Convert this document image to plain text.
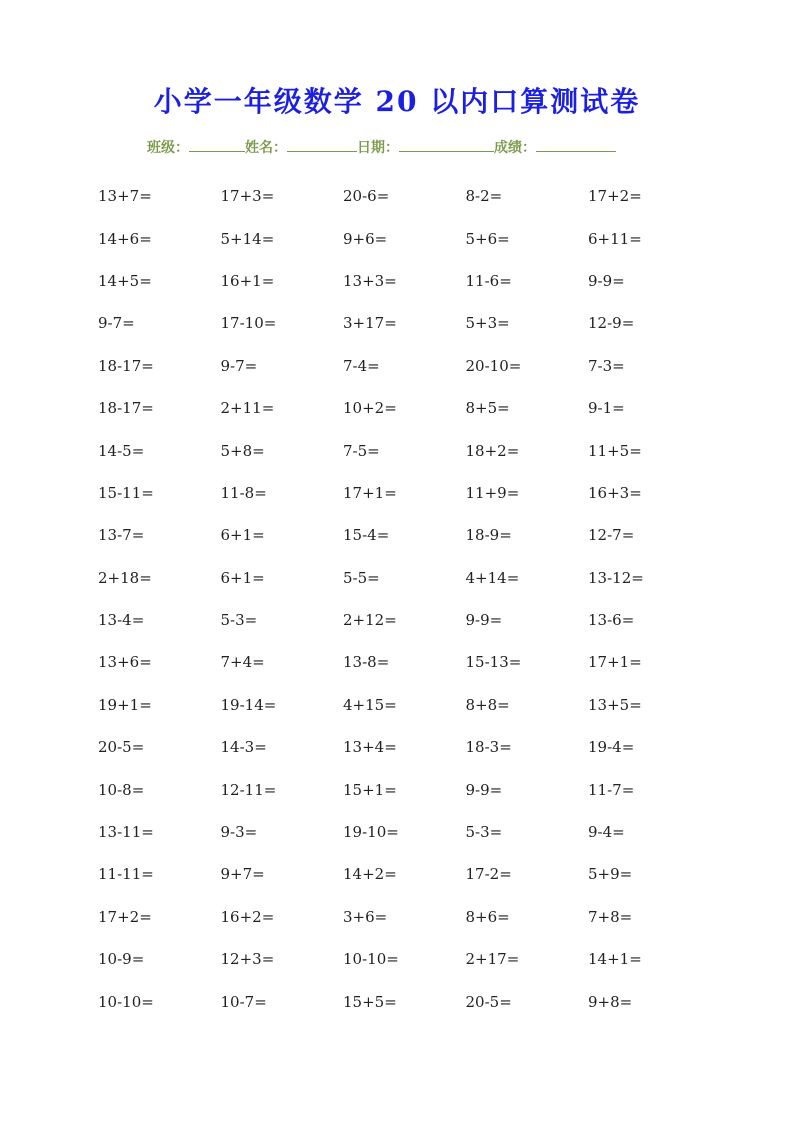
小学一年级数学 20 以内口算测试卷
班级：	姓名：	日期：	成绩：
13+7=	17+3=	20-6=	8-2=	17+2=
14+6=	5+14=	9+6=	5+6=	6+11=
14+5=	16+1=	13+3=	11-6=	9-9=
9-7=	17-10=	3+17=	5+3=	12-9=
18-17=	9-7=	7-4=	20-10=	7-3=
18-17=	2+11=	10+2=	8+5=	9-1=
14-5=	5+8=	7-5=	18+2=	11+5=
15-11=	11-8=	17+1=	11+9=	16+3=
13-7=	6+1=	15-4=	18-9=	12-7=
2+18=	6+1=	5-5=	4+14=	13-12=
13-4=	5-3=	2+12=	9-9=	13-6=
13+6=	7+4=	13-8=	15-13=	17+1=
19+1=	19-14=	4+15=	8+8=	13+5=
20-5=	14-3=	13+4=	18-3=	19-4=
10-8=	12-11=	15+1=	9-9=	11-7=
13-11=	9-3=	19-10=	5-3=	9-4=
11-11=	9+7=	14+2=	17-2=	5+9=
17+2=	16+2=	3+6=	8+6=	7+8=
10-9=	12+3=	10-10=	2+17=	14+1=
10-10=	10-7=	15+5=	20-5=	9+8=
